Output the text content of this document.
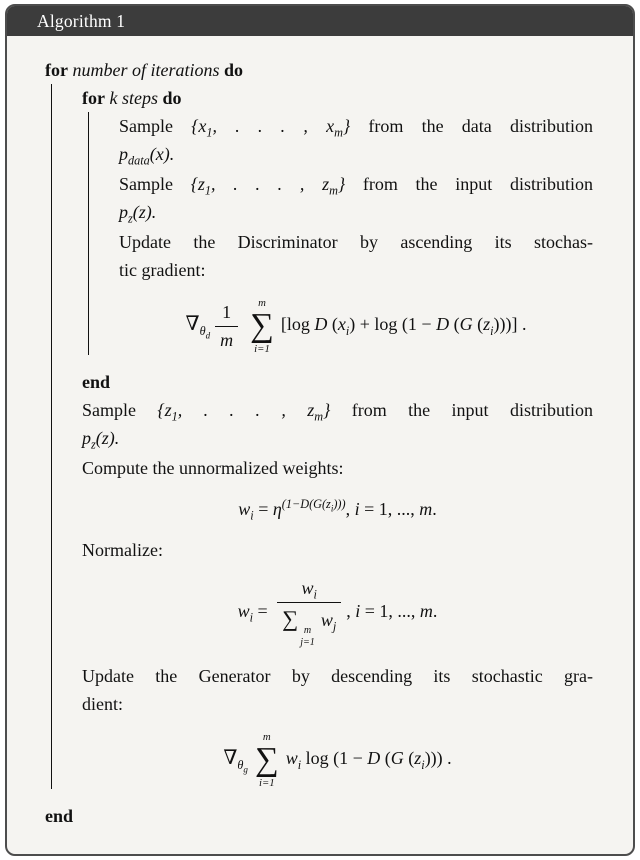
Algorithm 1
for number of iterations do
for k steps do
Sample {$x_1$, . . . , $x_m$} from the data distribution
$p_{data}(x)$.
Sample {$z_1$, . . . , $z_m$} from the input distribution
$p_z(z)$.
Update the Discriminator by ascending its stochas-
tic gradient:
$\nabla_{\theta_d} \frac{1}{m}$ m
∑
i=1
[log D $(x_i) + \log (1 - D$ (G $(z_i)$))] .
end
Sample {$z_1$, . . . , $z_m$} from the input distribution
$p_z(z)$.
Compute the unnormalized weights:
$w_i = \eta^{(1-D(G(z_i)))}$, i = 1, ..., m.
Normalize:
$w_i = w_i$
∑ m
j=1
$w_j$ , i = 1, ..., m.
Update the Generator by descending its stochastic gra-
dient:
$\nabla_{\theta_g}$
m
∑
i=1
$w_i$ log (1 − D (G $(z_i)$)) .
end
